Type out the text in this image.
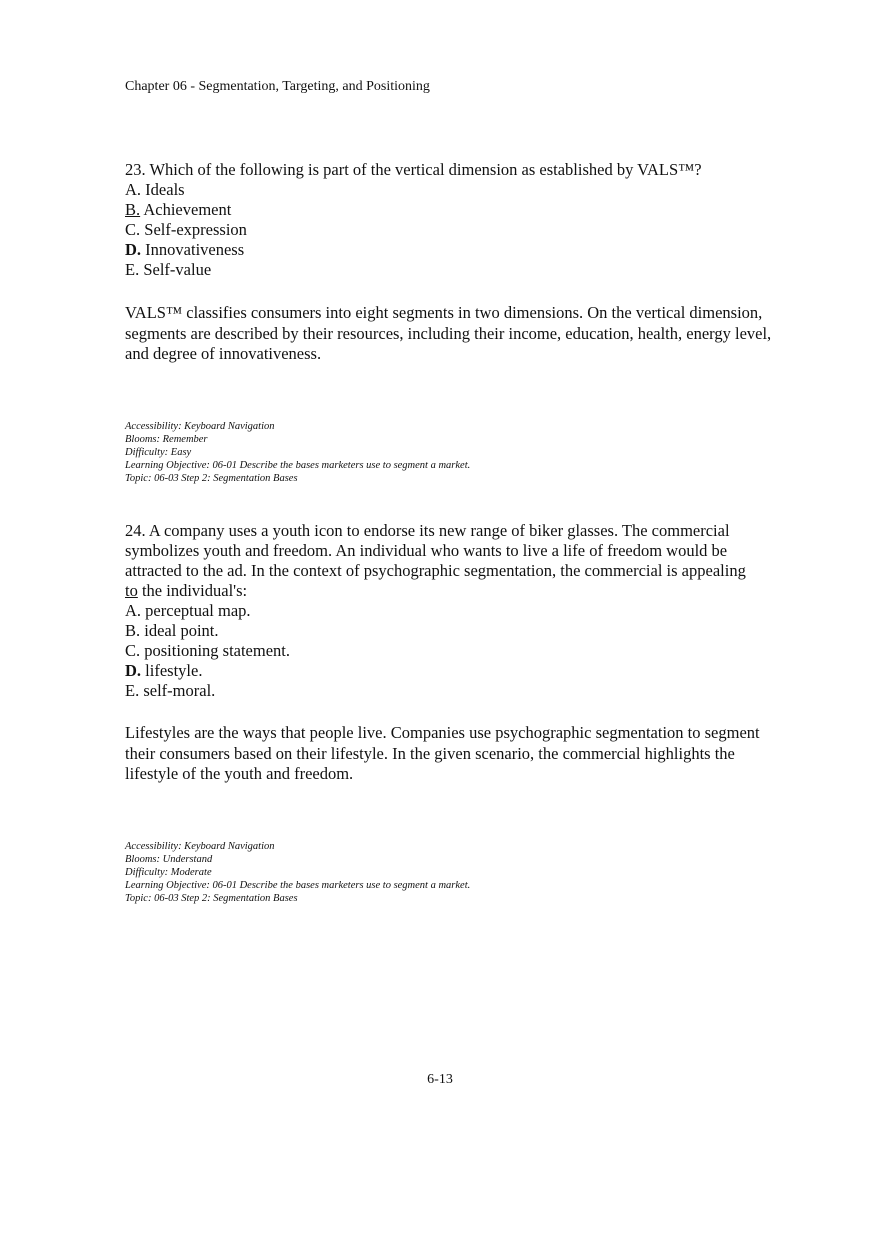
Chapter 06 - Segmentation, Targeting, and Positioning

23. Which of the following is part of the vertical dimension as established by VALS™?

A. Ideals

B. Achievement

C. Self-expression

D. Innovativeness

E. Self-value

VALS™ classifies consumers into eight segments in two dimensions. On the vertical dimension, segments are described by their resources, including their income, education, health, energy level, and degree of innovativeness.

Accessibility: Keyboard Navigation
Blooms: Remember
Difficulty: Easy
Learning Objective: 06-01 Describe the bases marketers use to segment a market.
Topic: 06-03 Step 2: Segmentation Bases

24. A company uses a youth icon to endorse its new range of biker glasses. The commercial

symbolizes youth and freedom. An individual who wants to live a life of freedom would be

attracted to the ad. In the context of psychographic segmentation, the commercial is appealing

to the individual's:

A. perceptual map.

B. ideal point.

C. positioning statement.

D. lifestyle.

E. self-moral.

Lifestyles are the ways that people live. Companies use psychographic segmentation to segment their consumers based on their lifestyle. In the given scenario, the commercial highlights the lifestyle of the youth and freedom.

Accessibility: Keyboard Navigation
Blooms: Understand
Difficulty: Moderate
Learning Objective: 06-01 Describe the bases marketers use to segment a market.
Topic: 06-03 Step 2: Segmentation Bases
6-13
